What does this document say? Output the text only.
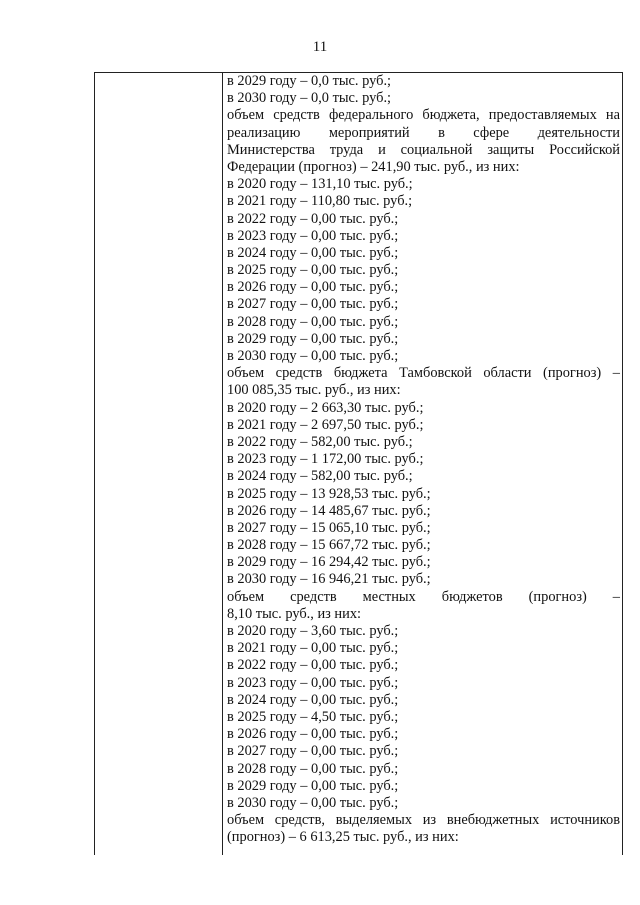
11
в 2029 году – 0,0 тыс. руб.;
в 2030 году – 0,0 тыс. руб.;
объем средств федерального бюджета, предоставляемых на
реализацию мероприятий в сфере деятельности
Министерства труда и социальной защиты Российской
Федерации (прогноз) – 241,90 тыс. руб., из них:
в 2020 году – 131,10 тыс. руб.;
в 2021 году – 110,80 тыс. руб.;
в 2022 году – 0,00 тыс. руб.;
в 2023 году – 0,00 тыс. руб.;
в 2024 году – 0,00 тыс. руб.;
в 2025 году – 0,00 тыс. руб.;
в 2026 году – 0,00 тыс. руб.;
в 2027 году – 0,00 тыс. руб.;
в 2028 году – 0,00 тыс. руб.;
в 2029 году – 0,00 тыс. руб.;
в 2030 году – 0,00 тыс. руб.;
объем средств бюджета Тамбовской области (прогноз) –
100 085,35 тыс. руб., из них:
в 2020 году – 2 663,30 тыс. руб.;
в 2021 году – 2 697,50 тыс. руб.;
в 2022 году – 582,00 тыс. руб.;
в 2023 году – 1 172,00 тыс. руб.;
в 2024 году – 582,00 тыс. руб.;
в 2025 году – 13 928,53 тыс. руб.;
в 2026 году – 14 485,67 тыс. руб.;
в 2027 году – 15 065,10 тыс. руб.;
в 2028 году – 15 667,72 тыс. руб.;
в 2029 году – 16 294,42 тыс. руб.;
в 2030 году – 16 946,21 тыс. руб.;
объем средств местных бюджетов (прогноз) –
8,10 тыс. руб., из них:
в 2020 году – 3,60 тыс. руб.;
в 2021 году – 0,00 тыс. руб.;
в 2022 году – 0,00 тыс. руб.;
в 2023 году – 0,00 тыс. руб.;
в 2024 году – 0,00 тыс. руб.;
в 2025 году – 4,50 тыс. руб.;
в 2026 году – 0,00 тыс. руб.;
в 2027 году – 0,00 тыс. руб.;
в 2028 году – 0,00 тыс. руб.;
в 2029 году – 0,00 тыс. руб.;
в 2030 году – 0,00 тыс. руб.;
объем средств, выделяемых из внебюджетных источников
(прогноз) – 6 613,25 тыс. руб., из них:
